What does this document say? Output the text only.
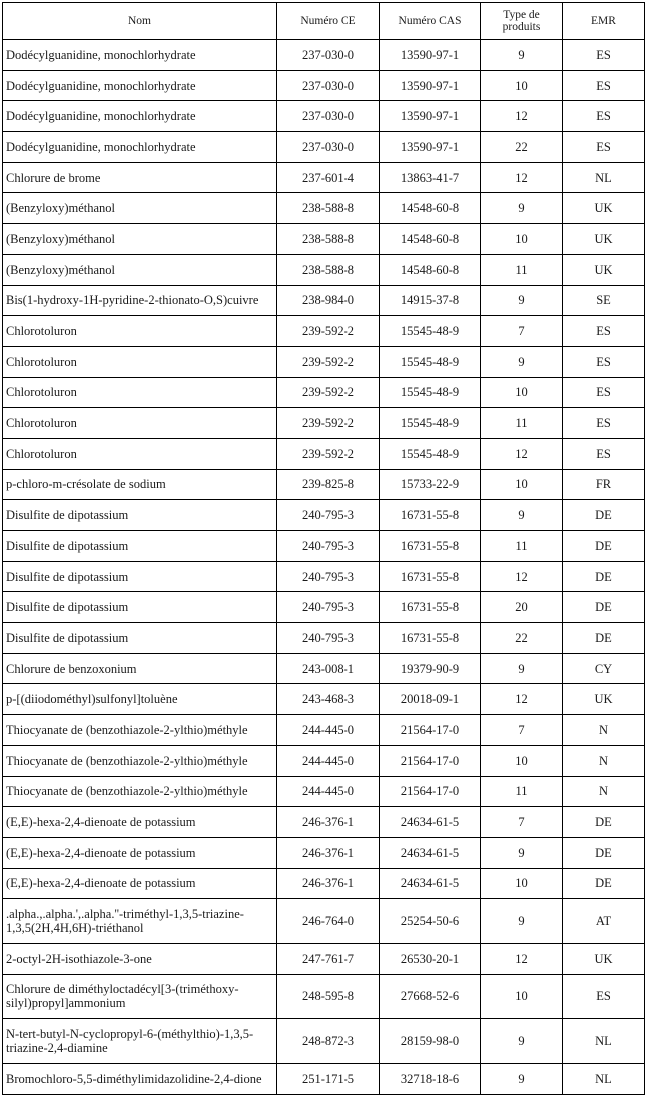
Nom	Numéro CE	Numéro CAS	Type de produits	EMR
Dodécylguanidine, monochlorhydrate	237-030-0	13590-97-1	9	ES
Dodécylguanidine, monochlorhydrate	237-030-0	13590-97-1	10	ES
Dodécylguanidine, monochlorhydrate	237-030-0	13590-97-1	12	ES
Dodécylguanidine, monochlorhydrate	237-030-0	13590-97-1	22	ES
Chlorure de brome	237-601-4	13863-41-7	12	NL
(Benzyloxy)méthanol	238-588-8	14548-60-8	9	UK
(Benzyloxy)méthanol	238-588-8	14548-60-8	10	UK
(Benzyloxy)méthanol	238-588-8	14548-60-8	11	UK
Bis(1-hydroxy-1H-pyridine-2-thionato-O,S)cuivre	238-984-0	14915-37-8	9	SE
Chlorotoluron	239-592-2	15545-48-9	7	ES
Chlorotoluron	239-592-2	15545-48-9	9	ES
Chlorotoluron	239-592-2	15545-48-9	10	ES
Chlorotoluron	239-592-2	15545-48-9	11	ES
Chlorotoluron	239-592-2	15545-48-9	12	ES
p-chloro-m-crésolate de sodium	239-825-8	15733-22-9	10	FR
Disulfite de dipotassium	240-795-3	16731-55-8	9	DE
Disulfite de dipotassium	240-795-3	16731-55-8	11	DE
Disulfite de dipotassium	240-795-3	16731-55-8	12	DE
Disulfite de dipotassium	240-795-3	16731-55-8	20	DE
Disulfite de dipotassium	240-795-3	16731-55-8	22	DE
Chlorure de benzoxonium	243-008-1	19379-90-9	9	CY
p-[(diiodométhyl)sulfonyl]toluène	243-468-3	20018-09-1	12	UK
Thiocyanate de (benzothiazole-2-ylthio)méthyle	244-445-0	21564-17-0	7	N
Thiocyanate de (benzothiazole-2-ylthio)méthyle	244-445-0	21564-17-0	10	N
Thiocyanate de (benzothiazole-2-ylthio)méthyle	244-445-0	21564-17-0	11	N
(E,E)-hexa-2,4-dienoate de potassium	246-376-1	24634-61-5	7	DE
(E,E)-hexa-2,4-dienoate de potassium	246-376-1	24634-61-5	9	DE
(E,E)-hexa-2,4-dienoate de potassium	246-376-1	24634-61-5	10	DE
.alpha.,.alpha.',.alpha.''-triméthyl-1,3,5-triazine-1,3,5(2H,4H,6H)-triéthanol	246-764-0	25254-50-6	9	AT
2-octyl-2H-isothiazole-3-one	247-761-7	26530-20-1	12	UK
Chlorure de diméthyloctadécyl[3-(triméthoxy-silyl)propyl]ammonium	248-595-8	27668-52-6	10	ES
N-tert-butyl-N-cyclopropyl-6-(méthylthio)-1,3,5-triazine-2,4-diamine	248-872-3	28159-98-0	9	NL
Bromochloro-5,5-diméthylimidazolidine-2,4-dione	251-171-5	32718-18-6	9	NL
